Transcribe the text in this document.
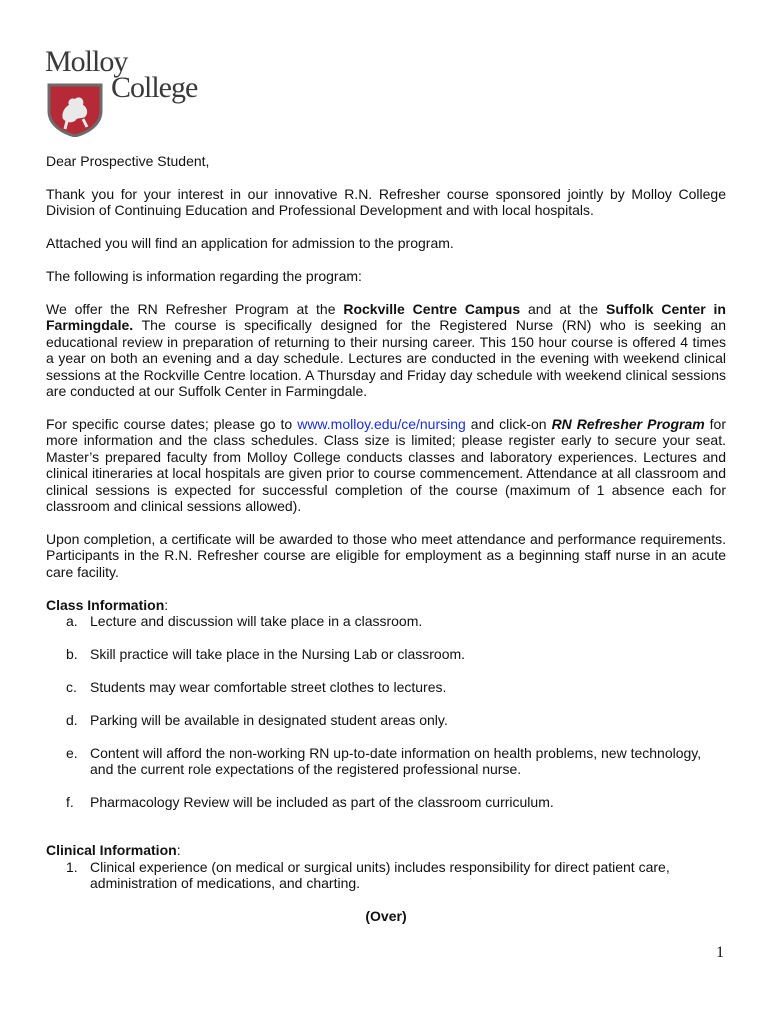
Molloy
College

Dear Prospective Student,

Thank you for your interest in our innovative R.N. Refresher course sponsored jointly by Molloy College Division of Continuing Education and Professional Development and with local hospitals.

Attached you will find an application for admission to the program.

The following is information regarding the program:

We offer the RN Refresher Program at the Rockville Centre Campus and at the Suffolk Center in Farmingdale. The course is specifically designed for the Registered Nurse (RN) who is seeking an educational review in preparation of returning to their nursing career. This 150 hour course is offered 4 times a year on both an evening and a day schedule. Lectures are conducted in the evening with weekend clinical sessions at the Rockville Centre location. A Thursday and Friday day schedule with weekend clinical sessions are conducted at our Suffolk Center in Farmingdale.

For specific course dates; please go to www.molloy.edu/ce/nursing and click-on RN Refresher Program for more information and the class schedules. Class size is limited; please register early to secure your seat. Master’s prepared faculty from Molloy College conducts classes and laboratory experiences. Lectures and clinical itineraries at local hospitals are given prior to course commencement. Attendance at all classroom and clinical sessions is expected for successful completion of the course (maximum of 1 absence each for classroom and clinical sessions allowed).

Upon completion, a certificate will be awarded to those who meet attendance and performance requirements. Participants in the R.N. Refresher course are eligible for employment as a beginning staff nurse in an acute care facility.

Class Information:
a. Lecture and discussion will take place in a classroom.
b. Skill practice will take place in the Nursing Lab or classroom.
c. Students may wear comfortable street clothes to lectures.
d. Parking will be available in designated student areas only.
e. Content will afford the non-working RN up-to-date information on health problems, new technology, and the current role expectations of the registered professional nurse.
f. Pharmacology Review will be included as part of the classroom curriculum.
Clinical Information:
1. Clinical experience (on medical or surgical units) includes responsibility for direct patient care, administration of medications, and charting.
(Over)
1
